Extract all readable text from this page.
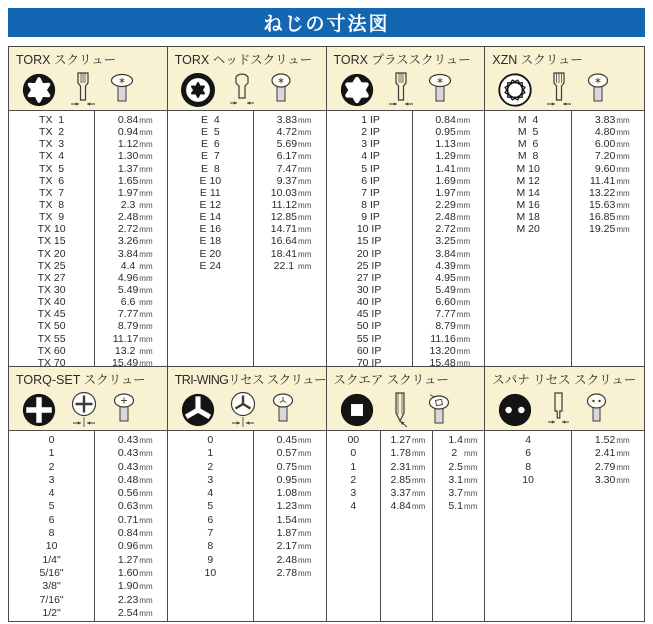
ねじの寸法図
TORX スクリュー
TX  1	0.84 mm
TX  2	0.94 mm
TX  3	1.12 mm
TX  4	1.30 mm
TX  5	1.37 mm
TX  6	1.65 mm
TX  7	1.97 mm
TX  8	2.3 mm
TX  9	2.48 mm
TX 10	2.72 mm
TX 15	3.26 mm
TX 20	3.84 mm
TX 25	4.4 mm
TX 27	4.96 mm
TX 30	5.49 mm
TX 40	6.6 mm
TX 45	7.77 mm
TX 50	8.79 mm
TX 55	11.17 mm
TX 60	13.2 mm
TX 70	15.49 mm
TORX ヘッドスクリュー
E  4	3.83 mm
E  5	4.72 mm
E  6	5.69 mm
E  7	6.17 mm
E  8	7.47 mm
E 10	9.37 mm
E 11	10.03 mm
E 12	11.12 mm
E 14	12.85 mm
E 16	14.71 mm
E 18	16.64 mm
E 20	18.41 mm
E 24	22.1 mm
TORX プラススクリュー
1 IP	0.84 mm
2 IP	0.95 mm
3 IP	1.13 mm
4 IP	1.29 mm
5 IP	1.41 mm
6 IP	1.69 mm
7 IP	1.97 mm
8 IP	2.29 mm
9 IP	2.48 mm
10 IP	2.72 mm
15 IP	3.25 mm
20 IP	3.84 mm
25 IP	4.39 mm
27 IP	4.95 mm
30 IP	5.49 mm
40 IP	6.60 mm
45 IP	7.77 mm
50 IP	8.79 mm
55 IP	11.16 mm
60 IP	13.20 mm
70 IP	15.48 mm
XZN スクリュー
M  4	3.83 mm
M  5	4.80 mm
M  6	6.00 mm
M  8	7.20 mm
M 10	9.60 mm
M 12	11.41 mm
M 14	13.22 mm
M 16	15.63 mm
M 18	16.85 mm
M 20	19.25 mm
TORQ-SET スクリュー
0	0.43 mm
1	0.43 mm
2	0.43 mm
3	0.48 mm
4	0.56 mm
5	0.63 mm
6	0.71 mm
8	0.84 mm
10	0.96 mm
1/4"	1.27 mm
5/16"	1.60 mm
3/8"	1.90 mm
7/16"	2.23 mm
1/2"	2.54 mm
TRI-WINGリセス スクリュー
0	0.45 mm
1	0.57 mm
2	0.75 mm
3	0.95 mm
4	1.08 mm
5	1.23 mm
6	1.54 mm
7	1.87 mm
8	2.17 mm
9	2.48 mm
10	2.78 mm
スクエア スクリュー
00	1.27 mm	1.4 mm
0	1.78 mm	2 mm
1	2.31 mm	2.5 mm
2	2.85 mm	3.1 mm
3	3.37 mm	3.7 mm
4	4.84 mm	5.1 mm
スパナ リセス スクリュー
4	1.52 mm
6	2.41 mm
8	2.79 mm
10	3.30 mm
